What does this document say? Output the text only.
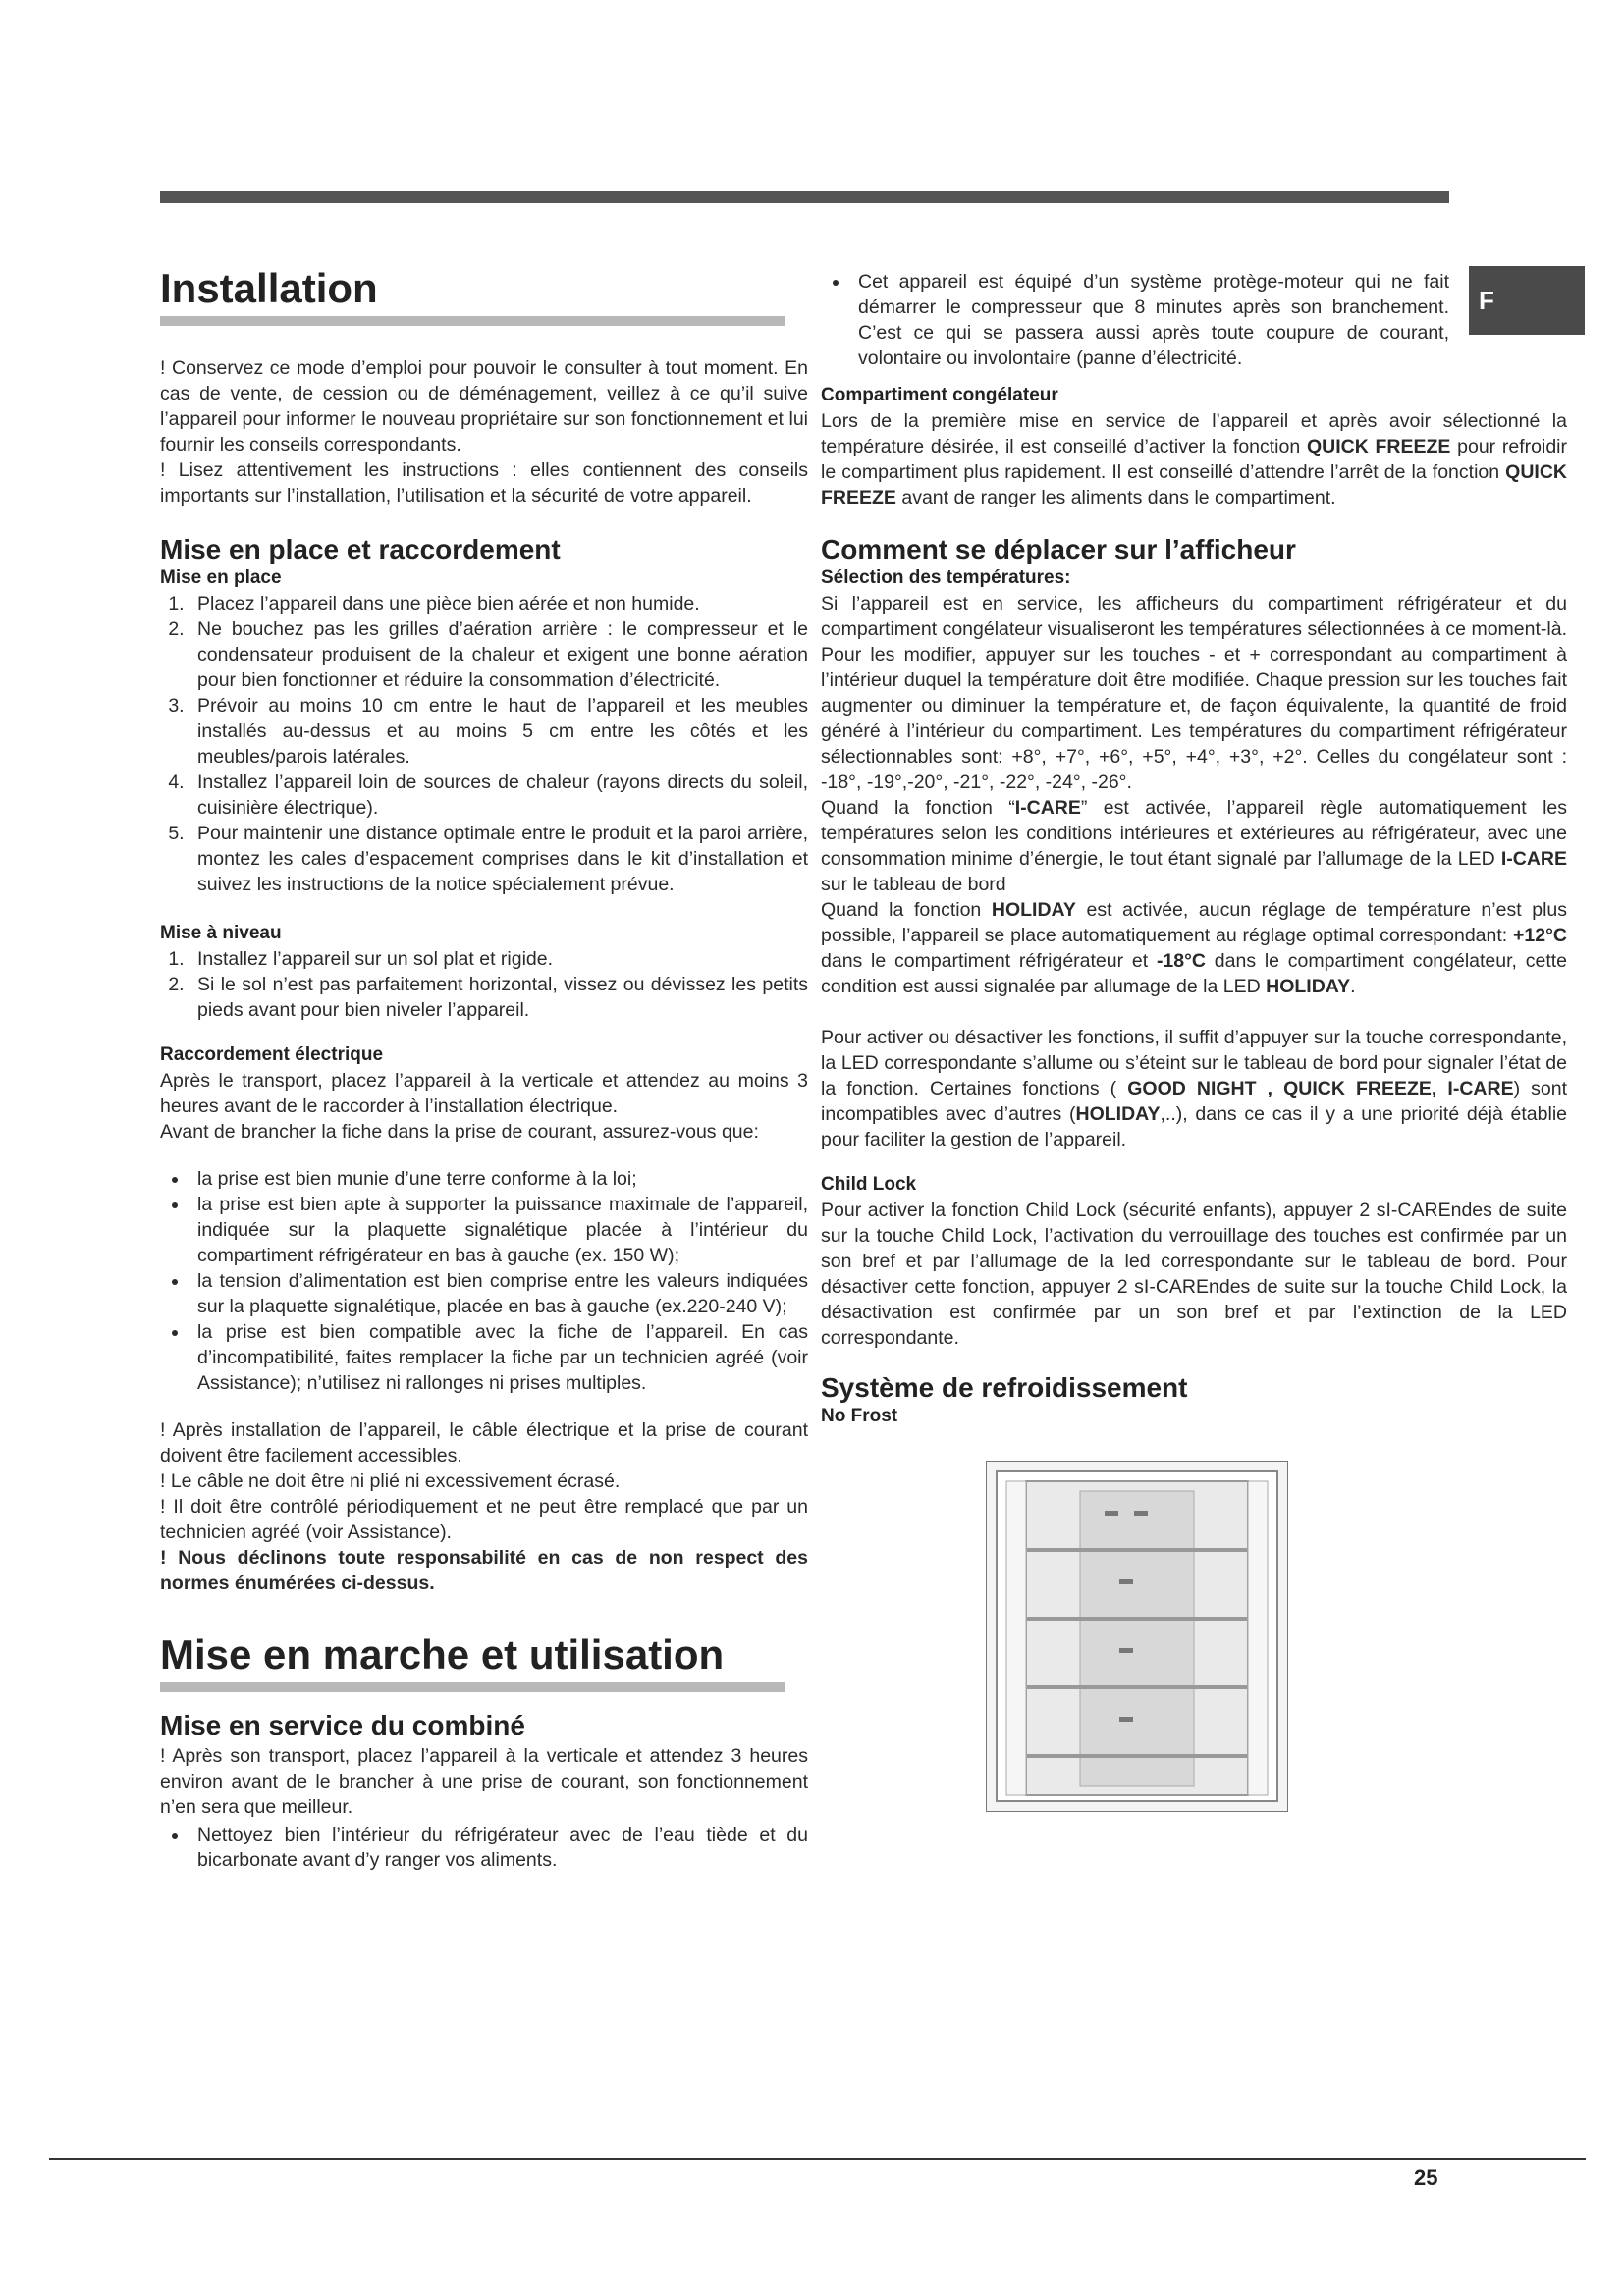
F
Installation

! Conservez ce mode d’emploi pour pouvoir le consulter à tout moment. En cas de vente, de cession ou de déménagement, veillez à ce qu’il suive l’appareil pour informer le nouveau propriétaire sur son fonctionnement et lui fournir les conseils correspondants.

! Lisez attentivement les instructions : elles contiennent des conseils importants sur l’installation, l’utilisation et la sécurité de votre appareil.

Mise en place et raccordement
Mise en place
1. Placez l’appareil dans une pièce bien aérée et non humide.
2. Ne bouchez pas les grilles d’aération arrière : le compresseur et le condensateur produisent de la chaleur et exigent une bonne aération pour bien fonctionner et réduire la consommation d’électricité.
3. Prévoir au moins 10 cm entre le haut de l’appareil et les meubles installés au-dessus et au moins 5 cm entre les côtés et les meubles/parois latérales.
4. Installez l’appareil loin de sources de chaleur (rayons directs du soleil, cuisinière électrique).
5. Pour maintenir une distance optimale entre le produit et la paroi arrière, montez les cales d’espacement comprises dans le kit d’installation et suivez les instructions de la notice spécialement prévue.
Mise à niveau
1. Installez l’appareil sur un sol plat et rigide.
2. Si le sol n’est pas parfaitement horizontal, vissez ou dévissez les petits pieds avant pour bien niveler l’appareil.
Raccordement électrique

Après le transport, placez l’appareil à la verticale et attendez au moins 3 heures avant de le raccorder à l’installation électrique.

Avant de brancher la fiche dans la prise de courant, assurez-vous que:

• la prise est bien munie d’une terre conforme à la loi;
• la prise est bien apte à supporter la puissance maximale de l’appareil, indiquée sur la plaquette signalétique placée à l’intérieur du compartiment réfrigérateur en bas à gauche (ex. 150 W);
• la tension d’alimentation est bien comprise entre les valeurs indiquées sur la plaquette signalétique, placée en bas à gauche (ex.220-240 V);
• la prise est bien compatible avec la fiche de l’appareil. En cas d’incompatibilité, faites remplacer la fiche par un technicien agréé (voir Assistance); n’utilisez ni rallonges ni prises multiples.

! Après installation de l’appareil, le câble électrique et la prise de courant doivent être facilement accessibles.

! Le câble ne doit être ni plié ni excessivement écrasé.

! Il doit être contrôlé périodiquement et ne peut être remplacé que par un technicien agréé (voir Assistance).

! Nous déclinons toute responsabilité en cas de non respect des normes énumérées ci-dessus.

Mise en marche et utilisation
Mise en service du combiné

! Après son transport, placez l’appareil à la verticale et attendez 3 heures environ avant de le brancher à une prise de courant, son fonctionnement n’en sera que meilleur.

• Nettoyez bien l’intérieur du réfrigérateur avec de l’eau tiède et du bicarbonate avant d’y ranger vos aliments.
• Cet appareil est équipé d’un système protège-moteur qui ne fait démarrer le compresseur que 8 minutes après son branchement. C’est ce qui se passera aussi après toute coupure de courant, volontaire ou involontaire (panne d’électricité.
Compartiment congélateur

Lors de la première mise en service de l’appareil et après avoir sélectionné la température désirée, il est conseillé d’activer la fonction QUICK FREEZE pour refroidir le compartiment plus rapidement. Il est conseillé d’attendre l’arrêt de la fonction QUICK FREEZE avant de ranger les aliments dans le compartiment.

Comment se déplacer sur l’afficheur
Sélection des températures:

Si l’appareil est en service, les afficheurs du compartiment réfrigérateur et du compartiment congélateur visualiseront les températures sélectionnées à ce moment-là. Pour les modifier, appuyer sur les touches - et + correspondant au compartiment à l’intérieur duquel la température doit être modifiée. Chaque pression sur les touches fait augmenter ou diminuer la température et, de façon équivalente, la quantité de froid généré à l’intérieur du compartiment. Les températures du compartiment réfrigérateur sélectionnables sont: +8°, +7°, +6°, +5°, +4°, +3°, +2°. Celles du congélateur sont : -18°, -19°,-20°, -21°, -22°, -24°, -26°.

Quand la fonction “I-CARE” est activée, l’appareil règle automatiquement les températures selon les conditions intérieures et extérieures au réfrigérateur, avec une consommation minime d’énergie, le tout étant signalé par l’allumage de la LED I-CARE sur le tableau de bord

Quand la fonction HOLIDAY est activée, aucun réglage de température n’est plus possible, l’appareil se place automatiquement au réglage optimal correspondant: +12°C dans le compartiment réfrigérateur et -18°C dans le compartiment congélateur, cette condition est aussi signalée par allumage de la LED HOLIDAY.

Pour activer ou désactiver les fonctions, il suffit d’appuyer sur la touche correspondante, la LED correspondante s’allume ou s’éteint sur le tableau de bord pour signaler l’état de la fonction. Certaines fonctions ( GOOD NIGHT , QUICK FREEZE, I-CARE) sont incompatibles avec d’autres (HOLIDAY,..), dans ce cas il y a une priorité déjà établie pour faciliter la gestion de l’appareil.

Child Lock

Pour activer la fonction Child Lock (sécurité enfants), appuyer 2 sI-CAREndes de suite sur la touche Child Lock, l’activation du verrouillage des touches est confirmée par un son bref et par l’allumage de la led correspondante sur le tableau de bord. Pour désactiver cette fonction, appuyer 2 sI-CAREndes de suite sur la touche Child Lock, la désactivation est confirmée par un son bref et par l’extinction de la LED correspondante.

Système de refroidissement
No Frost
25
